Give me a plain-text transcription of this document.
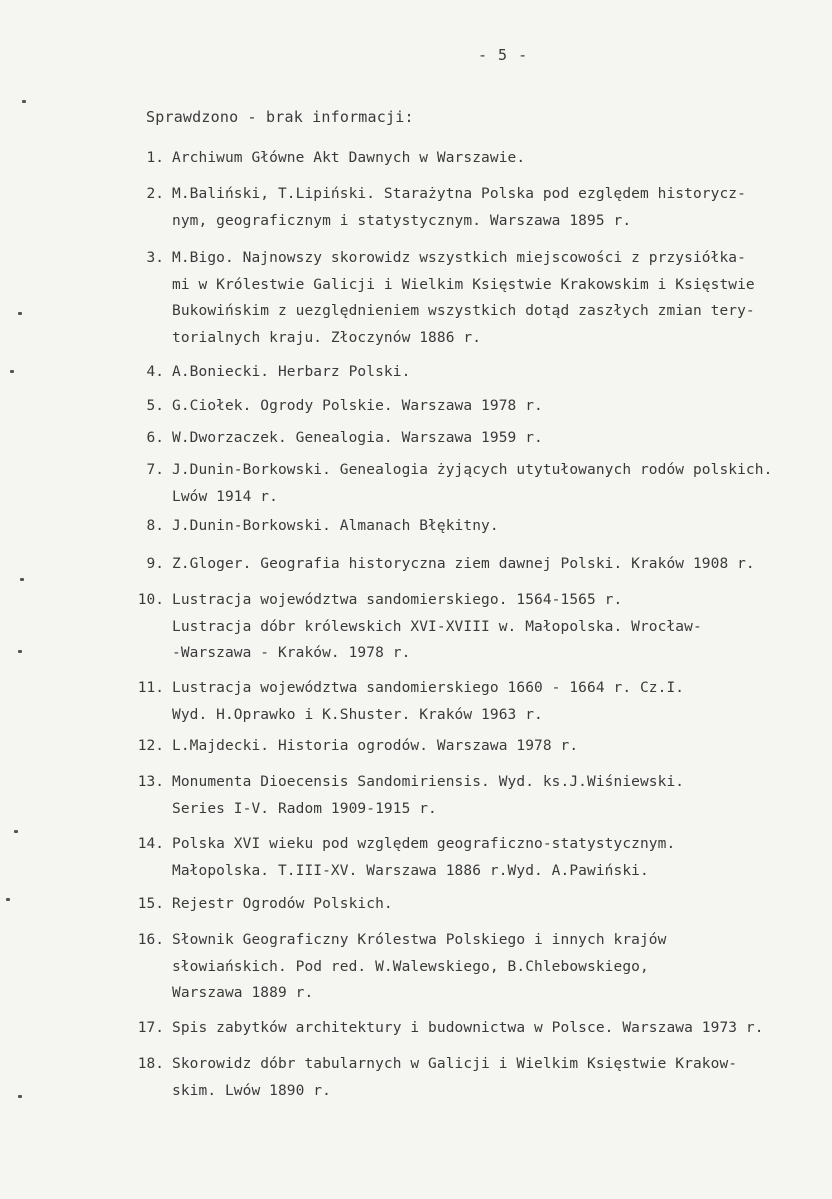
- 5 -
Sprawdzono - brak informacji:
1. Archiwum Główne Akt Dawnych w Warszawie.
2. M.Baliński, T.Lipiński. Starażytna Polska pod ezględem historycz-
nym, geograficznym i statystycznym. Warszawa 1895 r.
3. M.Bigo. Najnowszy skorowidz wszystkich miejscowości z przysiółka-
mi w Królestwie Galicji i Wielkim Księstwie Krakowskim i Księstwie
Bukowińskim z uezględnieniem wszystkich dotąd zaszłych zmian tery-
torialnych kraju. Złoczynów 1886 r.
4. A.Boniecki. Herbarz Polski.
5. G.Ciołek. Ogrody Polskie. Warszawa 1978 r.
6. W.Dworzaczek. Genealogia. Warszawa 1959 r.
7. J.Dunin-Borkowski. Genealogia żyjących utytułowanych rodów polskich.
Lwów 1914 r.
8. J.Dunin-Borkowski. Almanach Błękitny.
9. Z.Gloger. Geografia historyczna ziem dawnej Polski. Kraków 1908 r.
10. Lustracja województwa sandomierskiego. 1564-1565 r.
Lustracja dóbr królewskich XVI-XVIII w. Małopolska. Wrocław-
-Warszawa - Kraków. 1978 r.
11. Lustracja województwa sandomierskiego 1660 - 1664 r. Cz.I.
Wyd. H.Oprawko i K.Shuster. Kraków 1963 r.
12. L.Majdecki. Historia ogrodów. Warszawa 1978 r.
13. Monumenta Dioecensis Sandomiriensis. Wyd. ks.J.Wiśniewski.
Series I-V. Radom 1909-1915 r.
14. Polska XVI wieku pod względem geograficzno-statystycznym.
Małopolska. T.III-XV. Warszawa 1886 r.Wyd. A.Pawiński.
15. Rejestr Ogrodów Polskich.
16. Słownik Geograficzny Królestwa Polskiego i innych krajów
słowiańskich. Pod red. W.Walewskiego, B.Chlebowskiego,
Warszawa 1889 r.
17. Spis zabytków architektury i budownictwa w Polsce. Warszawa 1973 r.
18. Skorowidz dóbr tabularnych w Galicji i Wielkim Księstwie Krakow-
skim. Lwów 1890 r.
